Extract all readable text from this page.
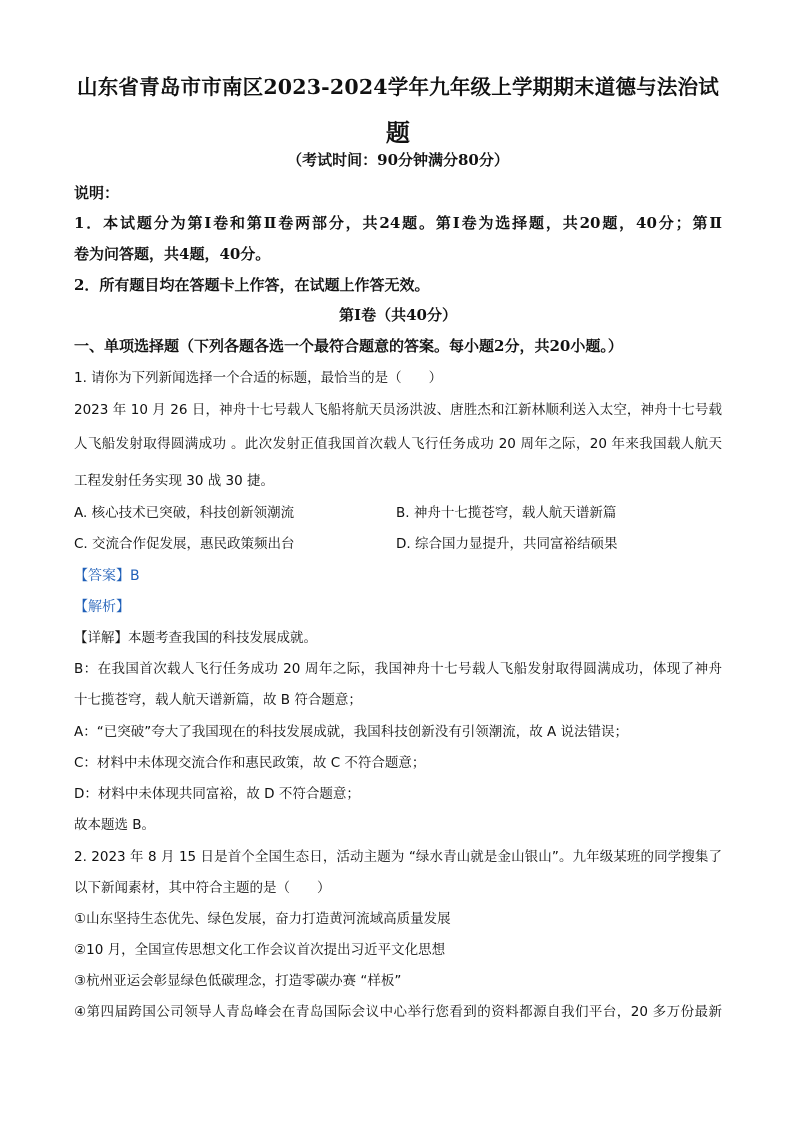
山东省青岛市市南区2023-2024学年九年级上学期期末道德与法治试
题
（考试时间：90分钟满分80分）
说明：
1．本试题分为第Ⅰ卷和第Ⅱ卷两部分，共24题。第Ⅰ卷为选择题，共20题，40分；第Ⅱ
卷为问答题，共4题，40分。
2．所有题目均在答题卡上作答，在试题上作答无效。
第Ⅰ卷（共40分）
一、单项选择题（下列各题各选一个最符合题意的答案。每小题2分，共20小题。）
1. 请你为下列新闻选择一个合适的标题，最恰当的是（　　）
2023 年 10 月 26 日，神舟十七号载人飞船将航天员汤洪波、唐胜杰和江新林顺利送入太空，神舟十七号载
人飞船发射取得圆满成功 。此次发射正值我国首次载人飞行任务成功 20 周年之际，20 年来我国载人航天
工程发射任务实现 30 战 30 捷。
A. 核心技术已突破，科技创新领潮流	B. 神舟十七揽苍穹，载人航天谱新篇
C. 交流合作促发展，惠民政策频出台	D. 综合国力显提升，共同富裕结硕果
【答案】B
【解析】
【详解】本题考查我国的科技发展成就。
B：在我国首次载人飞行任务成功 20 周年之际，我国神舟十七号载人飞船发射取得圆满成功，体现了神舟
十七揽苍穹，载人航天谱新篇，故 B 符合题意；
A：“已突破”夸大了我国现在的科技发展成就，我国科技创新没有引领潮流，故 A 说法错误；
C：材料中未体现交流合作和惠民政策，故 C 不符合题意；
D：材料中未体现共同富裕，故 D 不符合题意；
故本题选 B。
2. 2023 年 8 月 15 日是首个全国生态日，活动主题为 “绿水青山就是金山银山”。九年级某班的同学搜集了
以下新闻素材，其中符合主题的是（　　）
①山东坚持生态优先、绿色发展，奋力打造黄河流域高质量发展
②10 月，全国宣传思想文化工作会议首次提出习近平文化思想
③杭州亚运会彰显绿色低碳理念，打造零碳办赛 “样板”
④第四届跨国公司领导人青岛峰会在青岛国际会议中心举行您看到的资料都源自我们平台，20 多万份最新
